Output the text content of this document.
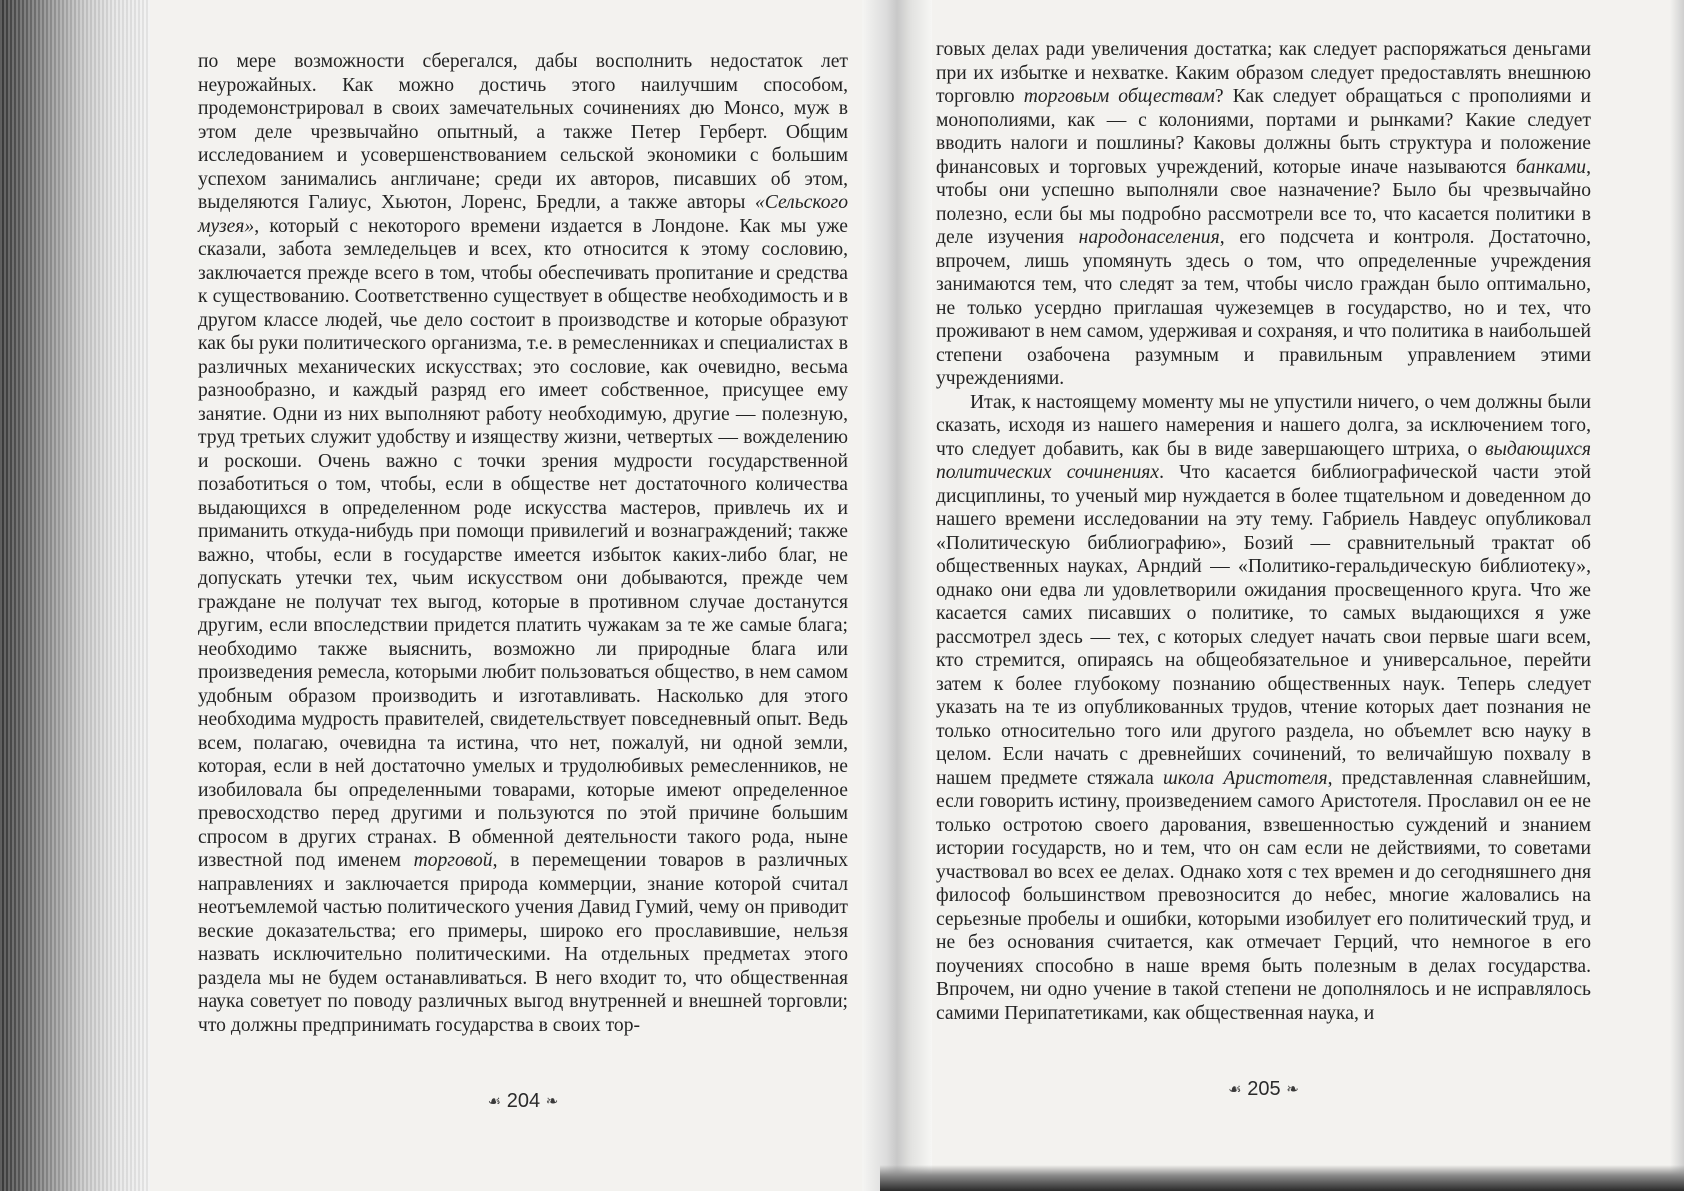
по мере возможности сберегался, дабы восполнить недостаток лет неурожайных. Как можно достичь этого наилучшим способом, продемонстрировал в своих замечательных сочинениях дю Монсо, муж в этом деле чрезвычайно опытный, а также Петер Герберт. Общим исследованием и усовершенствованием сельской экономики с большим успехом занимались англичане; среди их авторов, писавших об этом, выделяются Галиус, Хьютон, Лоренс, Бредли, а также авторы «Сельского музея», который с некоторого времени издается в Лондоне. Как мы уже сказали, забота земледельцев и всех, кто относится к этому сословию, заключается прежде всего в том, чтобы обеспечивать пропитание и средства к существованию. Соответственно существует в обществе необходимость и в другом классе людей, чье дело состоит в производстве и которые образуют как бы руки политического организма, т.е. в ремесленниках и специалистах в различных механических искусствах; это сословие, как очевидно, весьма разнообразно, и каждый разряд его имеет собственное, присущее ему занятие. Одни из них выполняют работу необходимую, другие — полезную, труд третьих служит удобству и изяществу жизни, четвертых — вожделению и роскоши. Очень важно с точки зрения мудрости государственной позаботиться о том, чтобы, если в обществе нет достаточного количества выдающихся в определенном роде искусства мастеров, привлечь их и приманить откуда-нибудь при помощи привилегий и вознаграждений; также важно, чтобы, если в государстве имеется избыток каких-либо благ, не допускать утечки тех, чьим искусством они добываются, прежде чем граждане не получат тех выгод, которые в противном случае достанутся другим, если впоследствии придется платить чужакам за те же самые блага; необходимо также выяснить, возможно ли природные блага или произведения ремесла, которыми любит пользоваться общество, в нем самом удобным образом производить и изготавливать. Насколько для этого необходима мудрость правителей, свидетельствует повседневный опыт. Ведь всем, полагаю, очевидна та истина, что нет, пожалуй, ни одной земли, которая, если в ней достаточно умелых и трудолюбивых ремесленников, не изобиловала бы определенными товарами, которые имеют определенное превосходство перед другими и пользуются по этой причине большим спросом в других странах. В обменной деятельности такого рода, ныне известной под именем торговой, в перемещении товаров в различных направлениях и заключается природа коммерции, знание которой считал неотъемлемой частью политического учения Давид Гумий, чему он приводит веские доказательства; его примеры, широко его прославившие, нельзя назвать исключительно политическими. На отдельных предметах этого раздела мы не будем останавливаться. В него входит то, что общественная наука советует по поводу различных выгод внутренней и внешней торговли; что должны предпринимать государства в своих тор-

☙ 204 ❧

говых делах ради увеличения достатка; как следует распоряжаться деньгами при их избытке и нехватке. Каким образом следует предоставлять внешнюю торговлю торговым обществам? Как следует обращаться с прополиями и монополиями, как — с колониями, портами и рынками? Какие следует вводить налоги и пошлины? Каковы должны быть структура и положение финансовых и торговых учреждений, которые иначе называются банками, чтобы они успешно выполняли свое назначение? Было бы чрезвычайно полезно, если бы мы подробно рассмотрели все то, что касается политики в деле изучения народонаселения, его подсчета и контроля. Достаточно, впрочем, лишь упомянуть здесь о том, что определенные учреждения занимаются тем, что следят за тем, чтобы число граждан было оптимально, не только усердно приглашая чужеземцев в государство, но и тех, что проживают в нем самом, удерживая и сохраняя, и что политика в наибольшей степени озабочена разумным и правильным управлением этими учреждениями.

Итак, к настоящему моменту мы не упустили ничего, о чем должны были сказать, исходя из нашего намерения и нашего долга, за исключением того, что следует добавить, как бы в виде завершающего штриха, о выдающихся политических сочинениях. Что касается библиографической части этой дисциплины, то ученый мир нуждается в более тщательном и доведенном до нашего времени исследовании на эту тему. Габриель Навдеус опубликовал «Политическую библиографию», Бозий — сравнительный трактат об общественных науках, Арндий — «Политико-геральдическую библиотеку», однако они едва ли удовлетворили ожидания просвещенного круга. Что же касается самих писавших о политике, то самых выдающихся я уже рассмотрел здесь — тех, с которых следует начать свои первые шаги всем, кто стремится, опираясь на общеобязательное и универсальное, перейти затем к более глубокому познанию общественных наук. Теперь следует указать на те из опубликованных трудов, чтение которых дает познания не только относительно того или другого раздела, но объемлет всю науку в целом. Если начать с древнейших сочинений, то величайшую похвалу в нашем предмете стяжала школа Аристотеля, представленная славнейшим, если говорить истину, произведением самого Аристотеля. Прославил он ее не только остротою своего дарования, взвешенностью суждений и знанием истории государств, но и тем, что он сам если не действиями, то советами участвовал во всех ее делах. Однако хотя с тех времен и до сегодняшнего дня философ большинством превозносится до небес, многие жаловались на серьезные пробелы и ошибки, которыми изобилует его политический труд, и не без основания считается, как отмечает Герций, что немногое в его поучениях способно в наше время быть полезным в делах государства. Впрочем, ни одно учение в такой степени не дополнялось и не исправлялось самими Перипатетиками, как общественная наука, и

☙ 205 ❧
